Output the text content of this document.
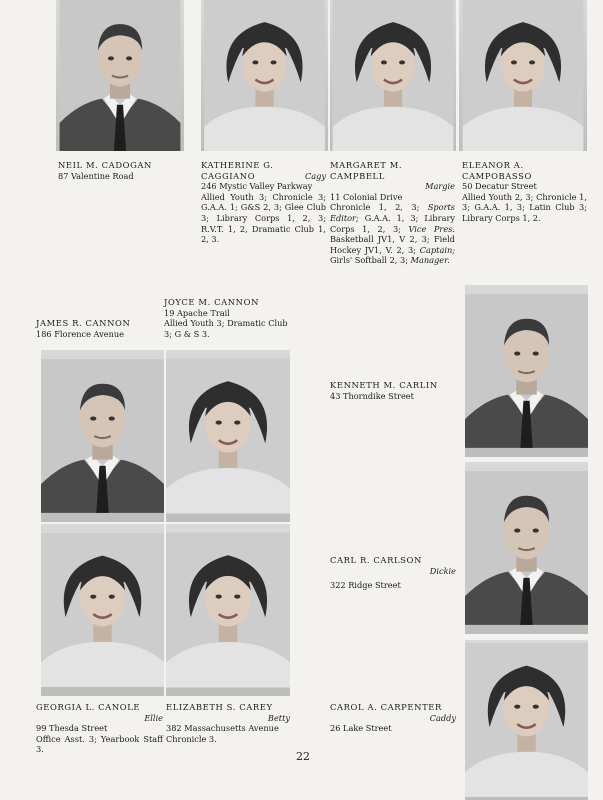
NEIL M. CADOGAN

87 Valentine Road

KATHERINE G.

CAGGIANO	Cagy

246 Mystic Valley Parkway

Allied Youth 3; Chronicle 3; G.A.A. 1; G&S 2, 3; Glee Club 3; Library Corps 1, 2, 3; R.V.T. 1, 2, Dramatic Club 1, 2, 3.

MARGARET M. CAMPBELL

Margie

11 Colonial Drive

Chronicle 1, 2, 3; Sports Editor; G.A.A. 1, 3; Library Corps 1, 2, 3; Vice Pres. Basketball JV1, V 2, 3; Field Hockey JV1, V. 2, 3; Captain; Girls' Softball 2, 3; Manager.

ELEANOR A.

CAMPOBASSO

50 Decatur Street

Allied Youth 2, 3; Chronicle 1, 3; G.A.A. 1, 3; Latin Club 3; Library Corps 1, 2.

JAMES R. CANNON

186 Florence Avenue

JOYCE M. CANNON

19 Apache Trail

Allied Youth 3; Dramatic Club 3; G & S 3.

KENNETH M. CARLIN

43 Thorndike Street

CARL R. CARLSON

Dickie

322 Ridge Street

CAROL A. CARPENTER

Caddy

26 Lake Street

GEORGIA L. CANOLE

Ellie

99 Thesda Street

Office Asst. 3; Yearbook Staff 3.

ELIZABETH S. CAREY

Betty

382 Massachusetts Avenue

Chronicle 3.

22
